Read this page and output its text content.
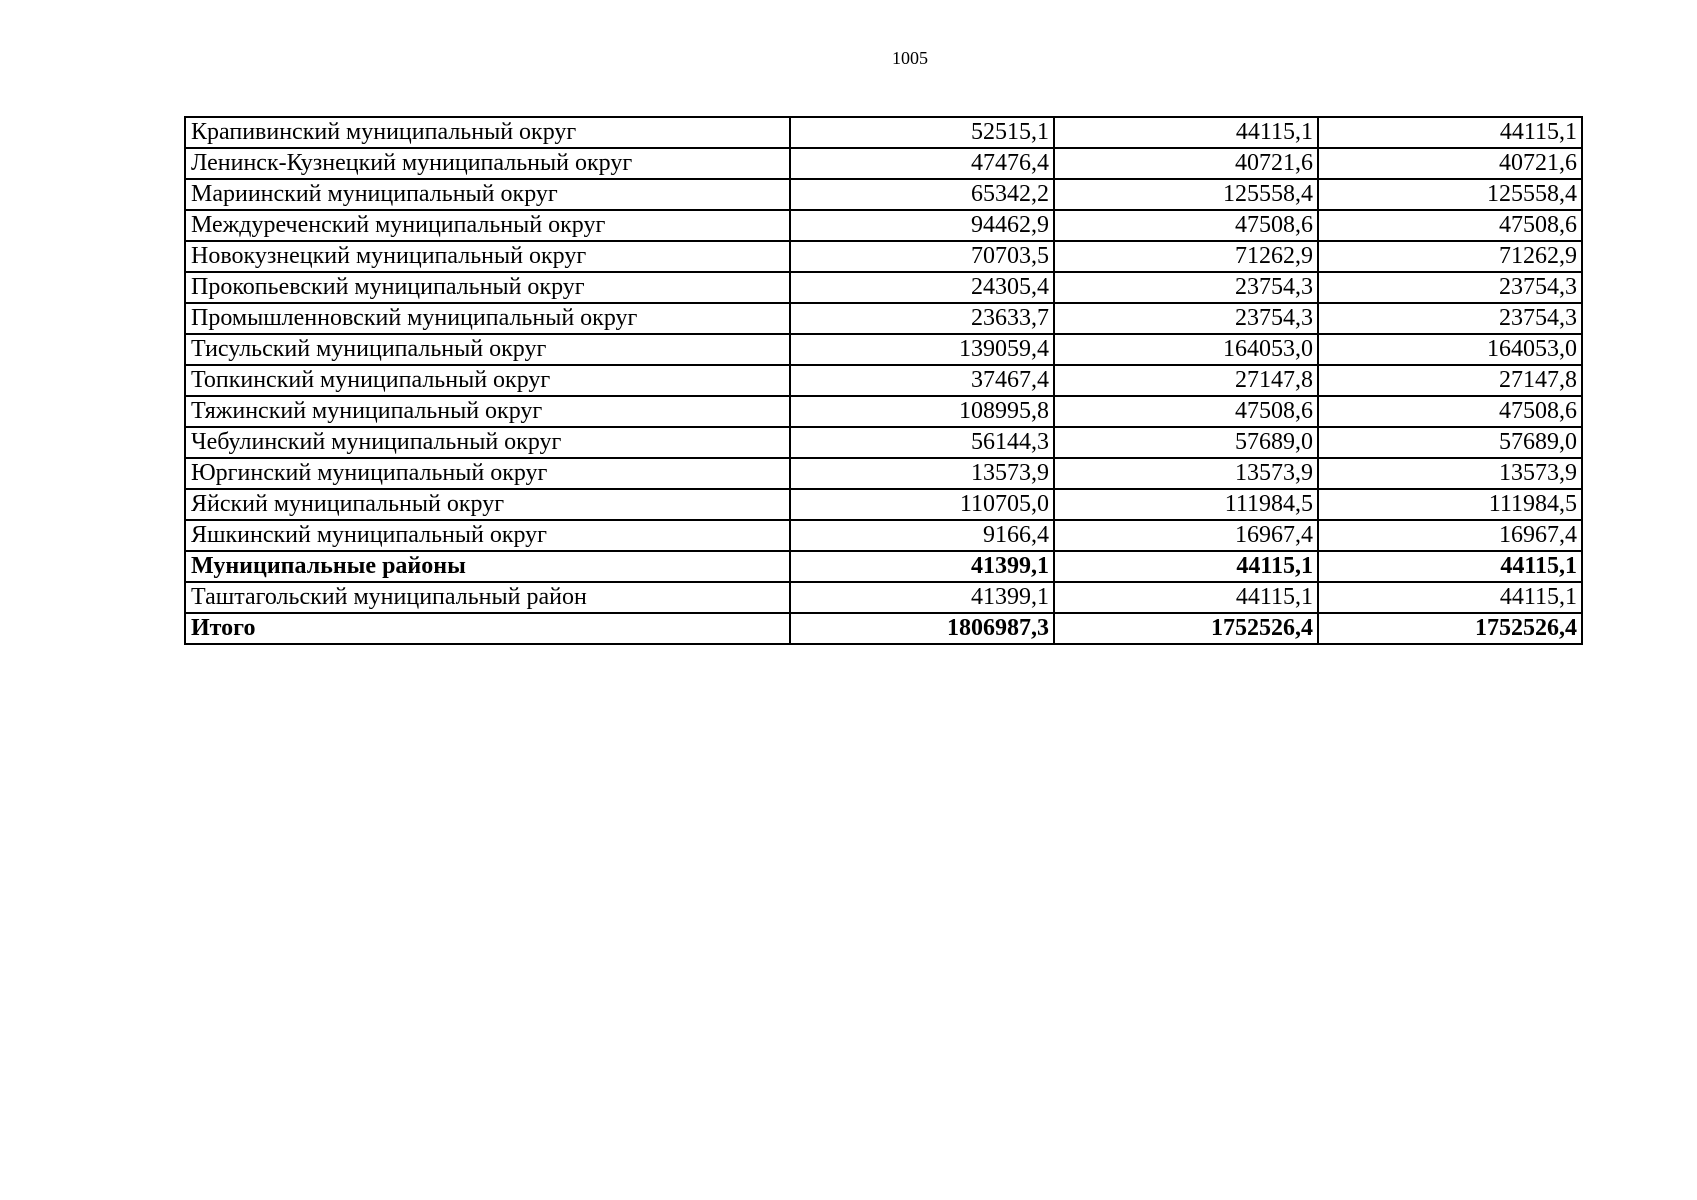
1005
Крапивинский муниципальный округ	52515,1	44115,1	44115,1
Ленинск-Кузнецкий муниципальный округ	47476,4	40721,6	40721,6
Мариинский муниципальный округ	65342,2	125558,4	125558,4
Междуреченский муниципальный округ	94462,9	47508,6	47508,6
Новокузнецкий муниципальный округ	70703,5	71262,9	71262,9
Прокопьевский муниципальный округ	24305,4	23754,3	23754,3
Промышленновский муниципальный округ	23633,7	23754,3	23754,3
Тисульский муниципальный округ	139059,4	164053,0	164053,0
Топкинский муниципальный округ	37467,4	27147,8	27147,8
Тяжинский муниципальный округ	108995,8	47508,6	47508,6
Чебулинский муниципальный округ	56144,3	57689,0	57689,0
Юргинский муниципальный округ	13573,9	13573,9	13573,9
Яйский муниципальный округ	110705,0	111984,5	111984,5
Яшкинский муниципальный округ	9166,4	16967,4	16967,4
Муниципальные районы	41399,1	44115,1	44115,1
Таштагольский муниципальный район	41399,1	44115,1	44115,1
Итого	1806987,3	1752526,4	1752526,4
